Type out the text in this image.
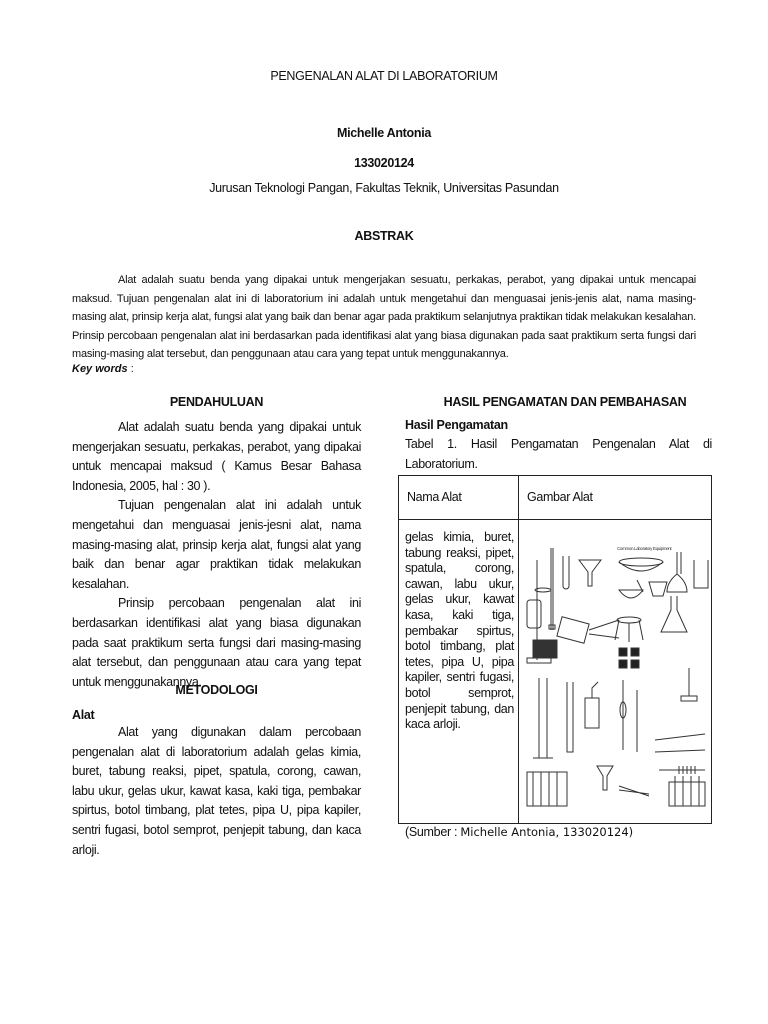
PENGENALAN ALAT DI LABORATORIUM
Michelle Antonia
133020124
Jurusan Teknologi Pangan, Fakultas Teknik, Universitas Pasundan
ABSTRAK
Alat adalah suatu benda yang dipakai untuk mengerjakan sesuatu, perkakas, perabot, yang dipakai untuk mencapai maksud. Tujuan pengenalan alat ini di laboratorium ini adalah untuk mengetahui dan menguasai jenis-jenis alat, nama masing-masing alat, prinsip kerja alat, fungsi alat yang baik dan benar agar pada praktikum selanjutnya praktikan tidak melakukan kesalahan. Prinsip percobaan pengenalan alat ini berdasarkan pada identifikasi alat yang biasa digunakan pada saat praktikum serta fungsi dari masing-masing alat tersebut, dan penggunaan atau cara yang tepat untuk menggunakannya.
Key words :
PENDAHULUAN

Alat adalah suatu benda yang dipakai untuk mengerjakan sesuatu, perkakas, perabot, yang dipakai untuk mencapai maksud ( Kamus Besar Bahasa Indonesia, 2005, hal : 30 ).

Tujuan pengenalan alat ini adalah untuk mengetahui dan menguasai jenis-jesni alat, nama masing-masing alat, prinsip kerja alat, fungsi alat yang baik dan benar agar praktikan tidak melakukan kesalahan.

Prinsip percobaan pengenalan alat ini berdasarkan identifikasi alat yang biasa digunakan pada saat praktikum serta fungsi dari masing-masing alat tersebut, dan penggunaan atau cara yang tepat untuk menggunakannya.

METODOLOGI
Alat

Alat yang digunakan dalam percobaan pengenalan alat di laboratorium adalah gelas kimia, buret, tabung reaksi, pipet, spatula, corong, cawan, labu ukur, gelas ukur, kawat kasa, kaki tiga, pembakar spirtus, botol timbang, plat tetes, pipa U, pipa kapiler, sentri fugasi, botol semprot, penjepit tabung, dan kaca arloji.

HASIL PENGAMATAN DAN PEMBAHASAN
Hasil Pengamatan
Tabel 1. Hasil Pengamatan Pengenalan Alat di Laboratorium.
Nama Alat	Gambar Alat
gelas kimia, buret, tabung reaksi, pipet, spatula, corong, cawan, labu ukur, gelas ukur, kawat kasa, kaki tiga, pembakar spirtus, botol timbang, plat tetes, pipa U, pipa kapiler, sentri fugasi, botol semprot, penjepit tabung, dan kaca arloji.	Common Laboratory Equipment
(Sumber : Michelle Antonia, 133020124)
